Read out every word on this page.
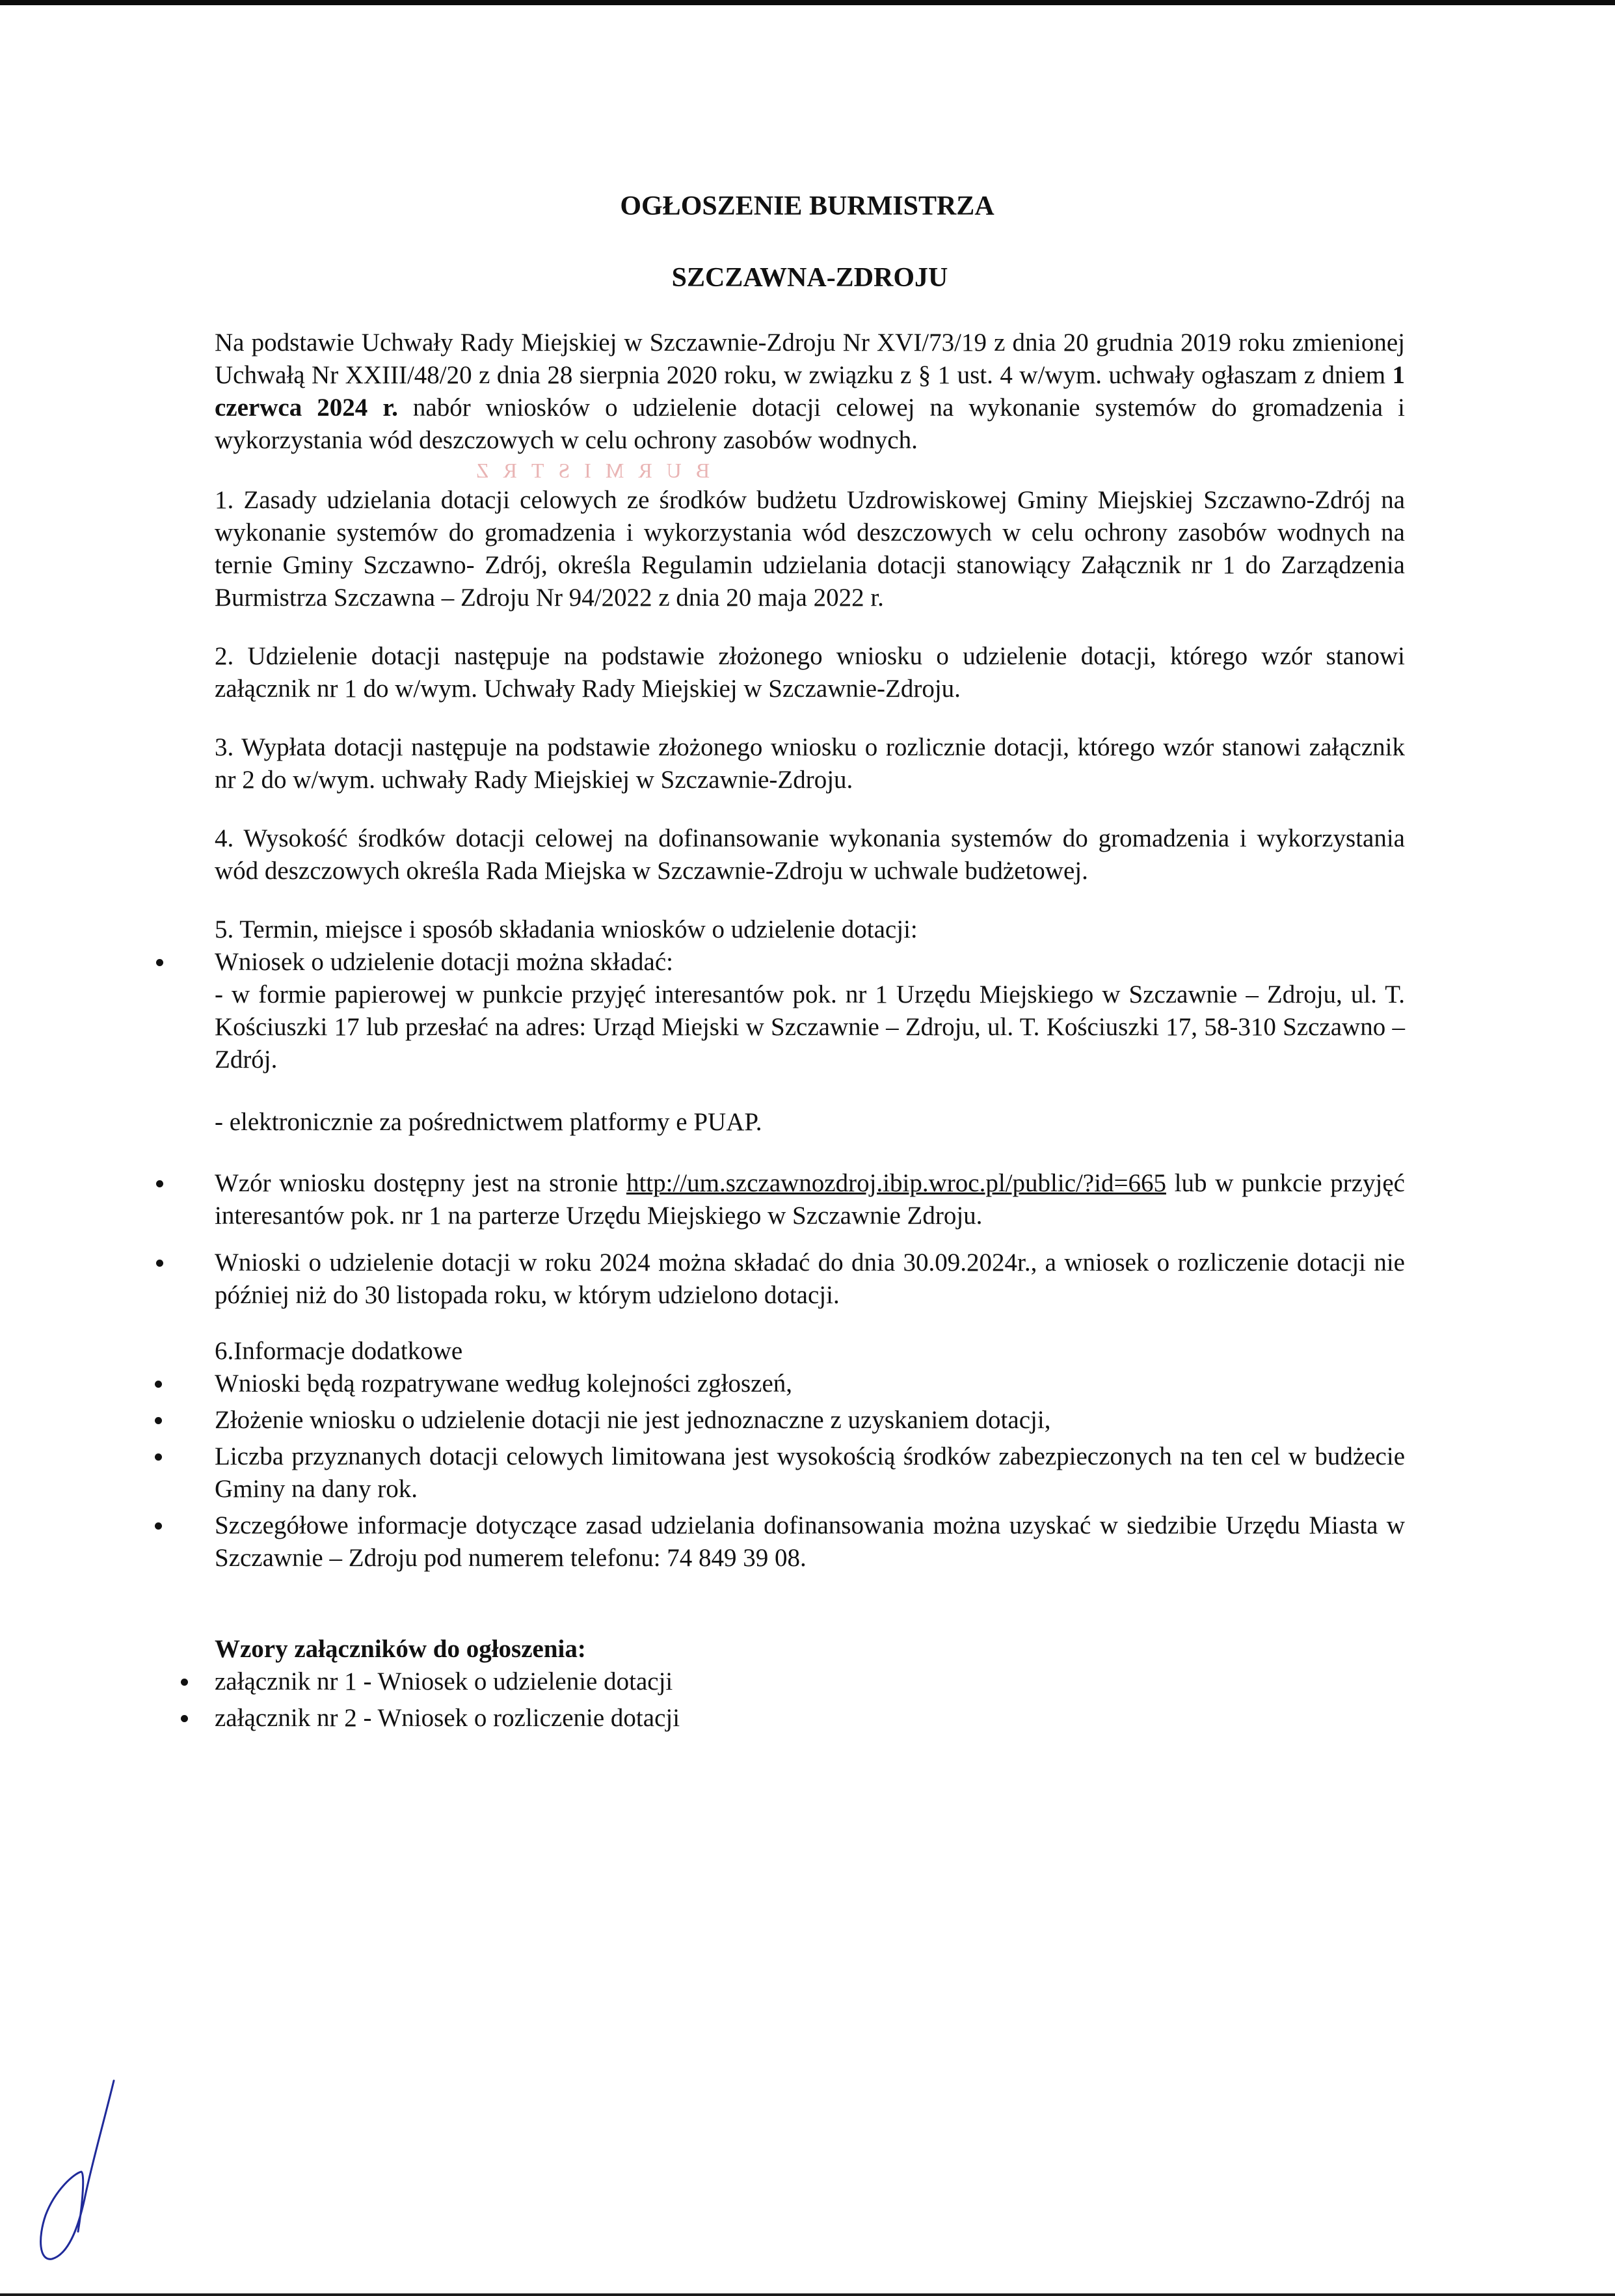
OGŁOSZENIE BURMISTRZA
SZCZAWNA-ZDROJU

Na podstawie Uchwały Rady Miejskiej w Szczawnie-Zdroju Nr XVI/73/19 z dnia 20 grudnia 2019 roku zmienionej Uchwałą Nr XXIII/48/20 z dnia 28 sierpnia 2020 roku, w związku z § 1 ust. 4 w/wym. uchwały ogłaszam z dniem 1 czerwca 2024 r. nabór wniosków o udzielenie dotacji celowej na wykonanie systemów do gromadzenia i wykorzystania wód deszczowych w celu ochrony zasobów wodnych.

BURMISTRZ

1. Zasady udzielania dotacji celowych ze środków budżetu Uzdrowiskowej Gminy Miejskiej Szczawno-Zdrój na wykonanie systemów do gromadzenia i wykorzystania wód deszczowych w celu ochrony zasobów wodnych na ternie Gminy Szczawno- Zdrój, określa Regulamin udzielania dotacji stanowiący Załącznik nr 1 do Zarządzenia Burmistrza Szczawna – Zdroju Nr 94/2022 z dnia 20 maja 2022 r.

2. Udzielenie dotacji następuje na podstawie złożonego wniosku o udzielenie dotacji, którego wzór stanowi załącznik nr 1 do w/wym. Uchwały Rady Miejskiej w Szczawnie-Zdroju.

3. Wypłata dotacji następuje na podstawie złożonego wniosku o rozlicznie dotacji, którego wzór stanowi załącznik nr 2 do w/wym. uchwały Rady Miejskiej w Szczawnie-Zdroju.

4. Wysokość środków dotacji celowej na dofinansowanie wykonania systemów do gromadzenia i wykorzystania wód deszczowych określa Rada Miejska w Szczawnie-Zdroju w uchwale budżetowej.

5. Termin, miejsce i sposób składania wniosków o udzielenie dotacji:

Wniosek o udzielenie dotacji można składać:
- w formie papierowej w punkcie przyjęć interesantów pok. nr 1 Urzędu Miejskiego w Szczawnie – Zdroju, ul. T. Kościuszki 17 lub przesłać na adres: Urząd Miejski w Szczawnie – Zdroju, ul. T. Kościuszki 17, 58-310 Szczawno – Zdrój.
- elektronicznie za pośrednictwem platformy e PUAP.

Wzór wniosku dostępny jest na stronie http://um.szczawnozdroj.ibip.wroc.pl/public/?id=665 lub w punkcie przyjęć interesantów pok. nr 1 na parterze Urzędu Miejskiego w Szczawnie Zdroju.

Wnioski o udzielenie dotacji w roku 2024 można składać do dnia 30.09.2024r., a wniosek o rozliczenie dotacji nie później niż do 30 listopada roku, w którym udzielono dotacji.

6.Informacje dodatkowe

Wnioski będą rozpatrywane według kolejności zgłoszeń,

Złożenie wniosku o udzielenie dotacji nie jest jednoznaczne z uzyskaniem dotacji,

Liczba przyznanych dotacji celowych limitowana jest wysokością środków zabezpieczonych na ten cel w budżecie Gminy na dany rok.

Szczegółowe informacje dotyczące zasad udzielania dofinansowania można uzyskać w siedzibie Urzędu Miasta w Szczawnie – Zdroju pod numerem telefonu: 74 849 39 08.

Wzory załączników do ogłoszenia:

załącznik nr 1 - Wniosek o udzielenie dotacji
załącznik nr 2 - Wniosek o rozliczenie dotacji
